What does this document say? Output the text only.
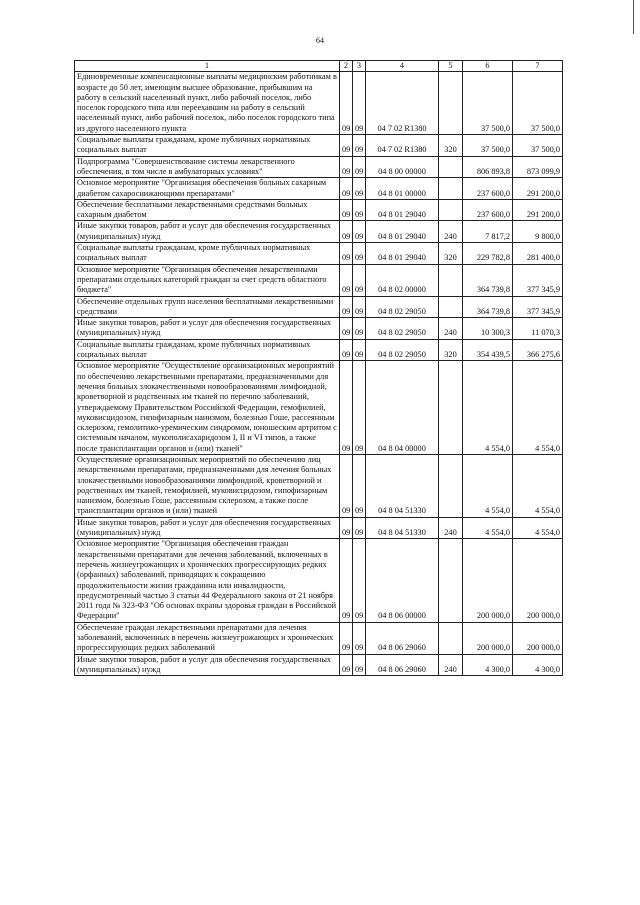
64
1	2	3	4	5	6	7
Единовременные компенсационные выплаты медицинским работникам в возрасте до 50 лет, имеющим высшее образование, прибывшим на работу в сельский населенный пункт, либо рабочий поселок, либо поселок городского типа или переехавшим на работу в сельский населенный пункт, либо рабочий поселок, либо поселок городского типа из другого населенного пункта	09	09	04 7 02 R1380		37 500,0	37 500,0
Социальные выплаты гражданам, кроме публичных нормативных социальных выплат	09	09	04 7 02 R1380	320	37 500,0	37 500,0
Подпрограмма "Совершенствование системы лекарственного обеспечения, в том числе в амбулаторных условиях"	09	09	04 8 00 00000		806 893,8	873 099,9
Основное мероприятие "Организация обеспечения больных сахарным диабетом сахароснижающими препаратами"	09	09	04 8 01 00000		237 600,0	291 200,0
Обеспечение бесплатными лекарственными средствами больных сахарным диабетом	09	09	04 8 01 29040		237 600,0	291 200,0
Иные закупки товаров, работ и услуг для обеспечения государственных (муниципальных) нужд	09	09	04 8 01 29040	240	7 817,2	9 800,0
Социальные выплаты гражданам, кроме публичных нормативных социальных выплат	09	09	04 8 01 29040	320	229 782,8	281 400,0
Основное мероприятие "Организация обеспечения лекарственными препаратами отдельных категорий граждан за счет средств областного бюджета"	09	09	04 8 02 00000		364 739,8	377 345,9
Обеспечение отдельных групп населения бесплатными лекарственными средствами	09	09	04 8 02 29050		364 739,8	377 345,9
Иные закупки товаров, работ и услуг для обеспечения государственных (муниципальных) нужд	09	09	04 8 02 29050	240	10 300,3	11 070,3
Социальные выплаты гражданам, кроме публичных нормативных социальных выплат	09	09	04 8 02 29050	320	354 439,5	366 275,6
Основное мероприятие "Осуществление организационных мероприятий по обеспечению лекарственными препаратами, предназначенными для лечения больных злокачественными новообразованиями лимфоидной, кроветворной и родственных им тканей по перечню заболеваний, утверждаемому Правительством Российской Федерации, гемофилией, муковисцидозом, гипофизарным нанизмом, болезнью Гоше, рассеянным склерозом, гемолитико-уремическим синдромом, юношеским артритом с системным началом, мукополисахаридозом I, II и VI типов, а также после трансплантации органов и (или) тканей"	09	09	04 8 04 00000		4 554,0	4 554,0
Осуществление организационных мероприятий по обеспечению лиц лекарственными препаратами, предназначенными для лечения больных злокачественными новообразованиями лимфоидной, кроветворной и родственных им тканей, гемофилией, муковисцидозом, гипофизарным нанизмом, болезнью Гоше, рассеянным склерозом, а также после трансплантации органов и (или) тканей	09	09	04 8 04 51330		4 554,0	4 554,0
Иные закупки товаров, работ и услуг для обеспечения государственных (муниципальных) нужд	09	09	04 8 04 51330	240	4 554,0	4 554,0
Основное мероприятие "Организация обеспечения граждан лекарственными препаратами для лечения заболеваний, включенных в перечень жизнеугрожающих и хронических прогрессирующих редких (орфанных) заболеваний, приводящих к сокращению продолжительности жизни гражданина или инвалидности, предусмотренный частью 3 статьи 44 Федерального закона от 21 ноября 2011 года № 323-ФЗ "Об основах охраны здоровья граждан в Российской Федерации"	09	09	04 8 06 00000		200 000,0	200 000,0
Обеспечение граждан лекарственными препаратами для лечения заболеваний, включенных в перечень жизнеугрожающих и хронических прогрессирующих редких заболеваний	09	09	04 8 06 29060		200 000,0	200 000,0
Иные закупки товаров, работ и услуг для обеспечения государственных (муниципальных) нужд	09	09	04 8 06 29060	240	4 300,0	4 300,0
